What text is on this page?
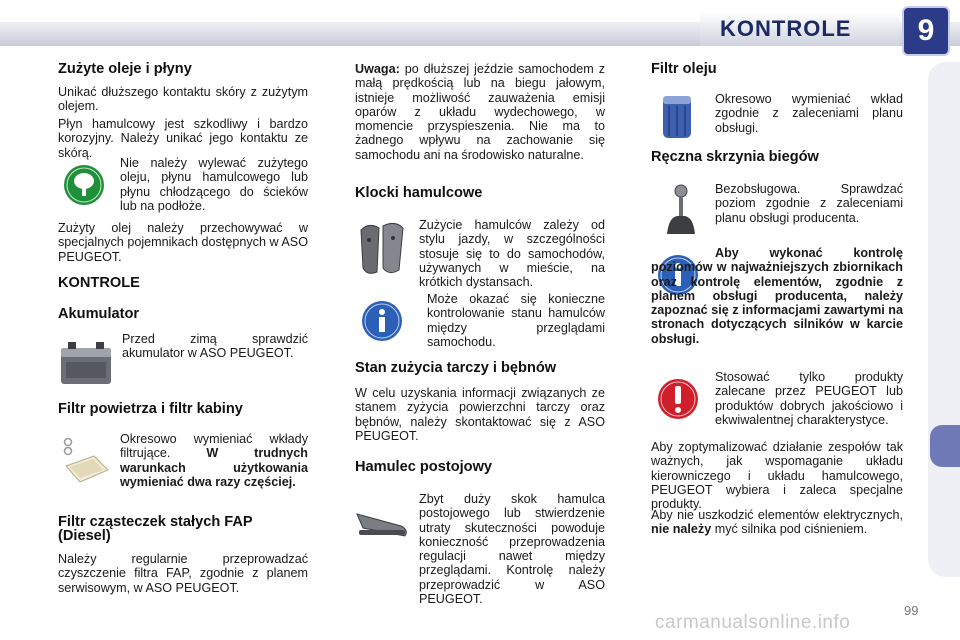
KONTROLE	9
Zużyte oleje i płyny

Unikać dłuższego kontaktu skóry z zużytym olejem.

Płyn hamulcowy jest szkodliwy i bardzo korozyjny. Należy unikać jego kontaktu ze skórą.

Nie należy wylewać zużytego oleju, płynu hamulcowego lub płynu chłodzącego do ścieków lub na podłoże.

Zużyty olej należy przechowywać w specjalnych pojemnikach dostępnych w ASO PEUGEOT.

KONTROLE
Akumulator

Przed zimą sprawdzić akumulator w ASO PEUGEOT.

Filtr powietrza i filtr kabiny
Okresowo wymieniać wkłady filtrujące.	W trudnych warunkach użytkowania wymieniać dwa razy częściej.
Filtr cząsteczek stałych FAP (Diesel)

Należy regularnie przeprowadzać czyszczenie filtra FAP, zgodnie z planem serwisowym, w ASO PEUGEOT.

Uwaga: po dłuższej jeździe samochodem z małą prędkością lub na biegu jałowym, istnieje możliwość zauważenia emisji oparów z układu wydechowego, w momencie przyspieszenia. Nie ma to żadnego wpływu na zachowanie się samochodu ani na środowisko naturalne.

Klocki hamulcowe

Zużycie hamulców zależy od stylu jazdy, w szczególności stosuje się to do samochodów, używanych w mieście, na krótkich dystansach.

Może okazać się konieczne kontrolowanie stanu hamulców między przeglądami samochodu.

Stan zużycia tarczy i bębnów

W celu uzyskania informacji związanych ze stanem zyżycia powierzchni tarczy oraz bębnów, należy skontaktować się z ASO PEUGEOT.

Hamulec postojowy

Zbyt duży skok hamulca postojowego lub stwierdzenie utraty skuteczności powoduje konieczność przeprowadzenia regulacji nawet między przeglądami. Kontrolę należy przeprowadzić w ASO PEUGEOT.

Filtr oleju

Okresowo wymieniać wkład zgodnie z zaleceniami planu obsługi.

Ręczna skrzynia biegów

Bezobsługowa. Sprawdzać poziom zgodnie z zaleceniami planu obsługi producenta.

Aby wykonać kontrolę poziomów w najważniejszych zbiornikach oraz kontrolę elementów, zgodnie z planem obsługi producenta, należy zapoznać się z informacjami zawartymi na stronach dotyczących silników w karcie obsługi.

Stosować tylko produkty zalecane przez PEUGEOT lub produktów dobrych jakościowo i ekwiwalentnej charakterystyce.

Aby zoptymalizować działanie zespołów tak ważnych, jak wspomaganie układu kierowniczego i układu hamulcowego, PEUGEOT wybiera i zaleca specjalne produkty.

Aby nie uszkodzić elementów elektrycznych, nie należy myć silnika pod ciśnieniem.

99
carmanualsonline.info
